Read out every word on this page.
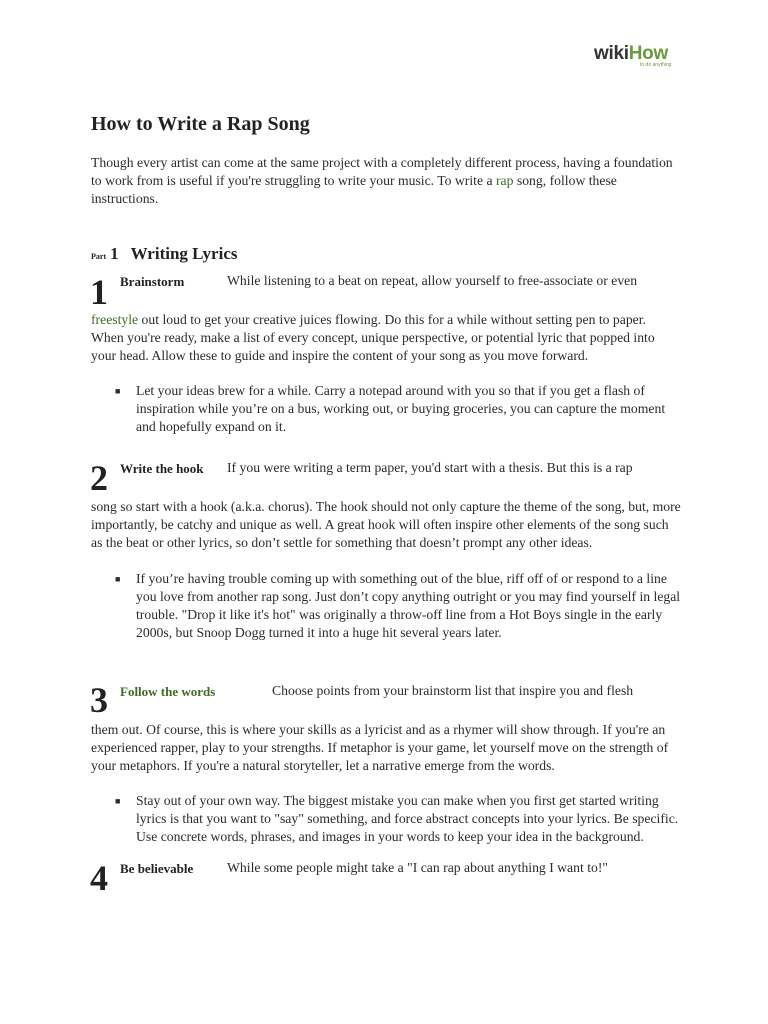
wikiHow
to do anything
How to Write a Rap Song

Though every artist can come at the same project with a completely different process, having a foundation to work from is useful if you're struggling to write your music. To write a rap song, follow these instructions.

Part 1 Writing Lyrics
1 Brainstorm	While listening to a beat on repeat, allow yourself to free-associate or even

freestyle out loud to get your creative juices flowing. Do this for a while without setting pen to paper. When you're ready, make a list of every concept, unique perspective, or potential lyric that popped into your head. Allow these to guide and inspire the content of your song as you move forward.

■ Let your ideas brew for a while. Carry a notepad around with you so that if you get a flash of inspiration while you’re on a bus, working out, or buying groceries, you can capture the moment and hopefully expand on it.
2 Write the hook If you were writing a term paper, you'd start with a thesis. But this is a rap

song so start with a hook (a.k.a. chorus). The hook should not only capture the theme of the song, but, more importantly, be catchy and unique as well. A great hook will often inspire other elements of the song such as the beat or other lyrics, so don’t settle for something that doesn’t prompt any other ideas.

■ If you’re having trouble coming up with something out of the blue, riff off of or respond to a line you love from another rap song. Just don’t copy anything outright or you may find yourself in legal trouble. "Drop it like it's hot" was originally a throw-off line from a Hot Boys single in the early 2000s, but Snoop Dogg turned it into a huge hit several years later.
3 Follow the words	Choose points from your brainstorm list that inspire you and flesh

them out. Of course, this is where your skills as a lyricist and as a rhymer will show through. If you're an experienced rapper, play to your strengths. If metaphor is your game, let yourself move on the strength of your metaphors. If you're a natural storyteller, let a narrative emerge from the words.

■ Stay out of your own way. The biggest mistake you can make when you first get started writing lyrics is that you want to "say" something, and force abstract concepts into your lyrics. Be specific. Use concrete words, phrases, and images in your words to keep your idea in the background.
4 Be believable While some people might take a "I can rap about anything I want to!"
